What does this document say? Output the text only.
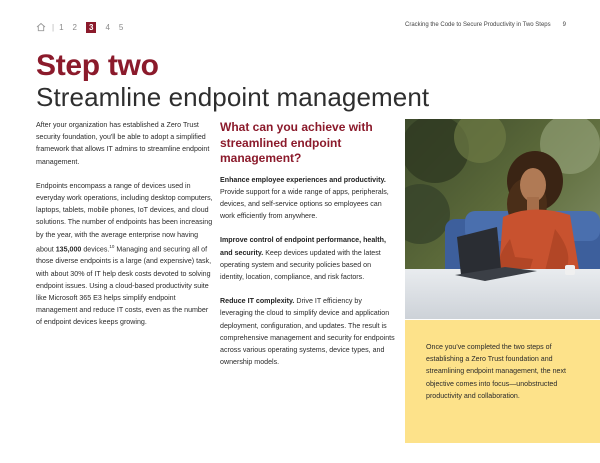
| 1 2	3	4 5	Cracking the Code to Secure Productivity in Two Steps 9
Step two
Streamline endpoint management

After your organization has established a Zero Trust security foundation, you'll be able to adopt a simplified framework that allows IT admins to streamline endpoint management.

Endpoints encompass a range of devices used in everyday work operations, including desktop computers, laptops, tablets, mobile phones, IoT devices, and cloud solutions. The number of endpoints has been increasing by the year, with the average enterprise now having about 135,000 devices.$^{10}$ Managing and securing all of those diverse endpoints is a large (and expensive) task, with about 30% of IT help desk costs devoted to solving endpoint issues. Using a cloud-based productivity suite like Microsoft 365 E3 helps simplify endpoint management and reduce IT costs, even as the number of endpoint devices keeps growing.

What can you achieve with streamlined endpoint management?
Enhance employee experiences and productivity. Provide support for a wide range of apps, peripherals, devices, and self-service options so employees can work efficiently from anywhere.
Improve control of endpoint performance, health, and security. Keep devices updated with the latest operating system and security policies based on identity, location, compliance, and risk factors.
Reduce IT complexity. Drive IT efficiency by leveraging the cloud to simplify device and application deployment, configuration, and updates. The result is comprehensive management and security for endpoints across various operating systems, device types, and ownership models.

Once you've completed the two steps of establishing a Zero Trust foundation and streamlining endpoint management, the next objective comes into focus—unobstructed productivity and collaboration.
